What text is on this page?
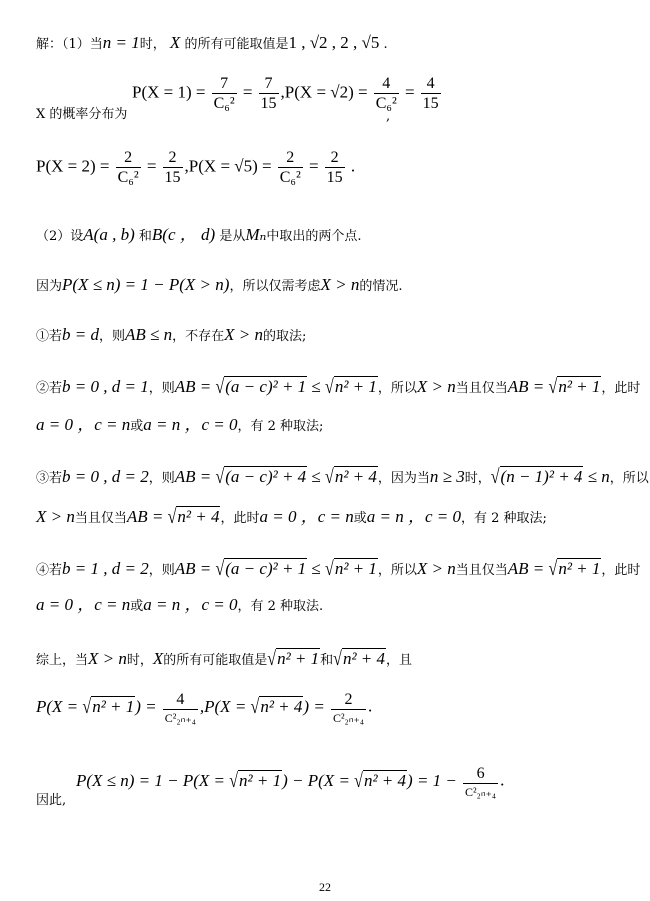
解：（1）当n = 1时， X 的所有可能取值是1 , √2 , 2 , √5 .
$P(X = 1) = \frac{7}{\text{C₆²}} = \frac{7}{15} ,P(X = √2) = \frac{4}{\text{C₆²}} = \frac{4}{15}$
X 的概率分布为	,
$P(X = 2) = \frac{2}{\text{C₆²}} = \frac{2}{15} ,P(X = √5) = \frac{2}{\text{C₆²}} = \frac{2}{15}$ .
（2）设A(a , b) 和B(c ， d) 是从Mₙ中取出的两个点.
因为P(X ≤ n) = 1 − P(X > n)，所以仅需考虑X > n的情况.
①若b = d，则AB ≤ n，不存在X > n的取法;
②若b = 0 , d = 1，则AB = √(a − c)² + 1 ≤ √n² + 1，所以X > n当且仅当AB = √n² + 1，此时
a = 0 ，c = n或a = n ，c = 0，有 2 种取法;
③若b = 0 , d = 2，则AB = √(a − c)² + 4 ≤ √n² + 4，因为当n ≥ 3时，√(n − 1)² + 4 ≤ n，所以
X > n当且仅当AB = √n² + 4，此时a = 0 ，c = n或a = n ，c = 0，有 2 种取法;
④若b = 1 , d = 2，则AB = √(a − c)² + 1 ≤ √n² + 1，所以X > n当且仅当AB = √n² + 1，此时
a = 0 ，c = n或a = n ，c = 0，有 2 种取法.
综上，当X > n时，X的所有可能取值是√n² + 1和√n² + 4，且
$P(X = √n^2 + 1) = \frac{4}{\text{C²₂ₙ₊₄}} ,P(X = √n^2 + 4) = \frac{2}{\text{C²₂ₙ₊₄}}$ .
$P(X \le n) = 1 - P(X = √n^2 + 1) - P(X = √n^2 + 4) = 1 - \frac{6}{\text{C²₂ₙ₊₄}}$ .
因此,
22
